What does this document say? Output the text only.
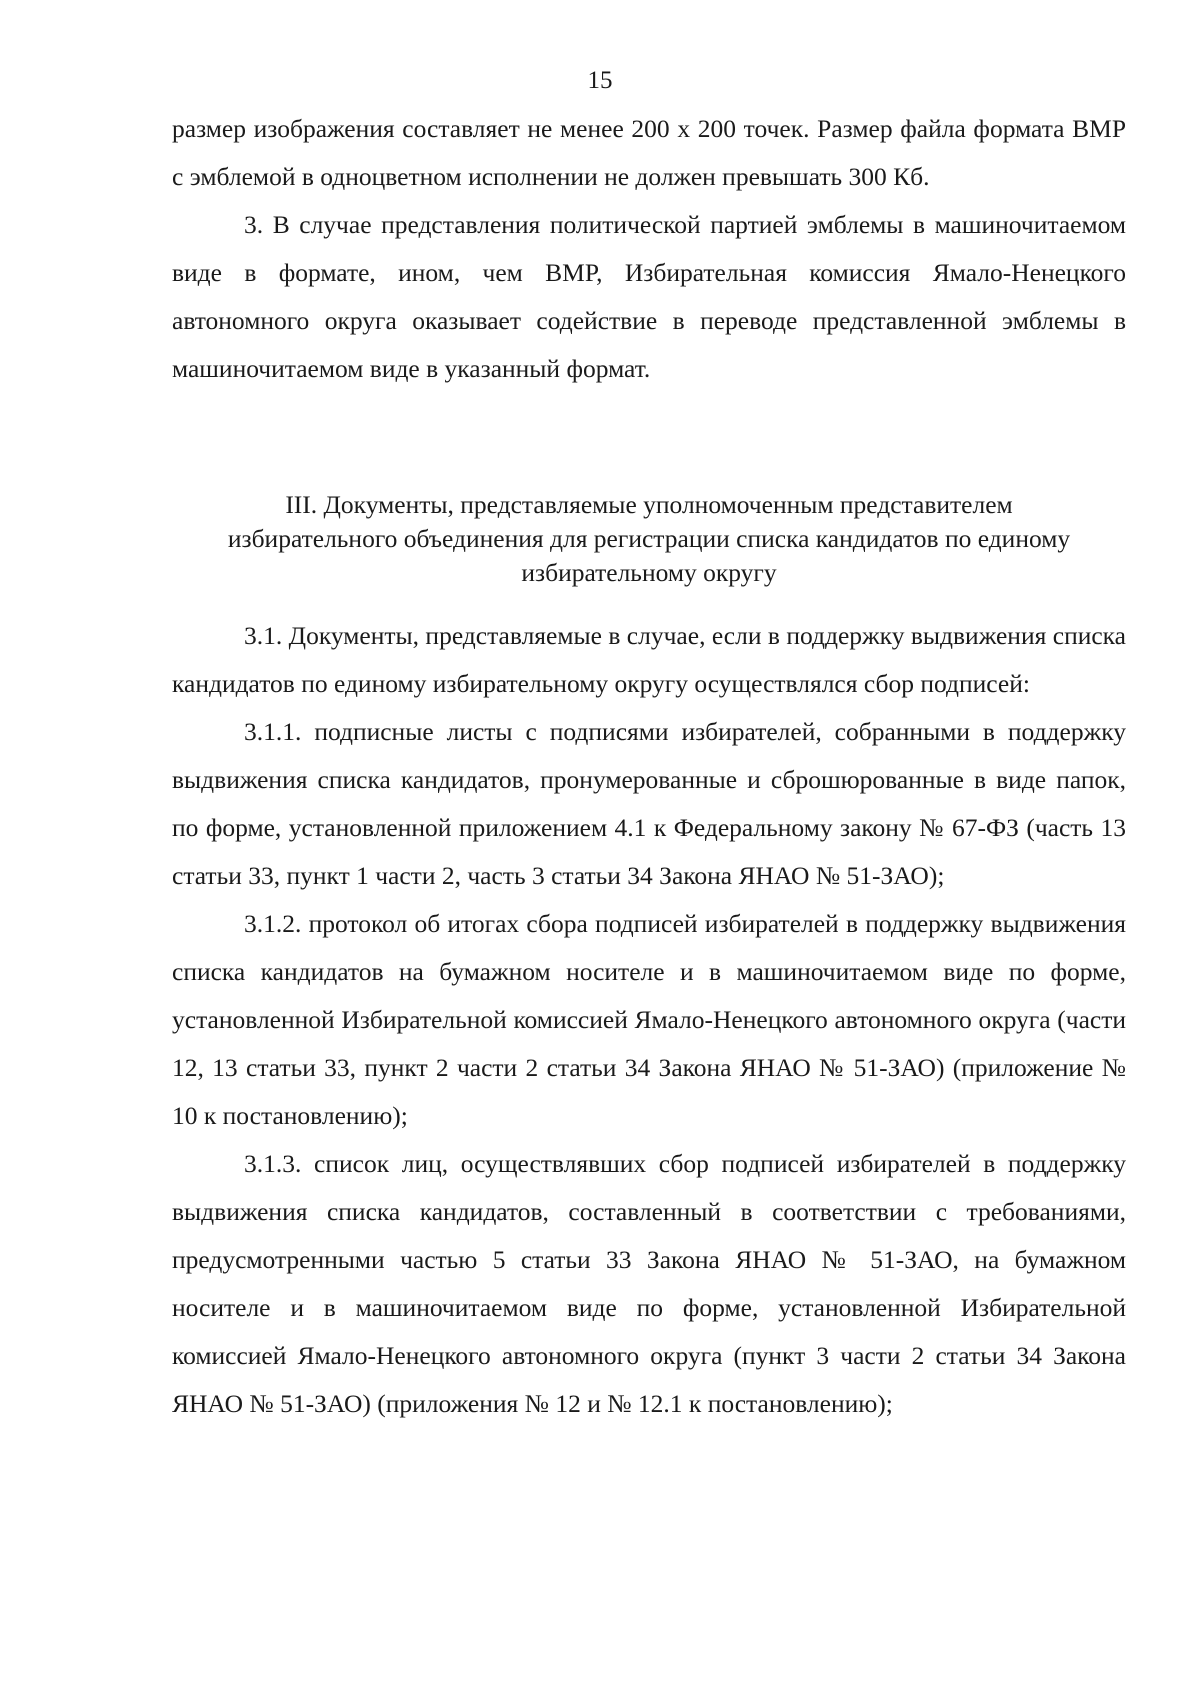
15

размер изображения составляет не менее 200 х 200 точек. Размер файла формата BMP с эмблемой в одноцветном исполнении не должен превышать 300 Кб.

3. В случае представления политической партией эмблемы в машиночитаемом виде в формате, ином, чем BMP, Избирательная комиссия Ямало-Ненецкого автономного округа оказывает содействие в переводе представленной эмблемы в машиночитаемом виде в указанный формат.

III. Документы, представляемые уполномоченным представителем
избирательного объединения для регистрации списка кандидатов по единому
избирательному округу

3.1. Документы, представляемые в случае, если в поддержку выдвижения списка кандидатов по единому избирательному округу осуществлялся сбор подписей:

3.1.1. подписные листы с подписями избирателей, собранными в поддержку выдвижения списка кандидатов, пронумерованные и сброшюрованные в виде папок, по форме, установленной приложением 4.1 к Федеральному закону № 67-ФЗ (часть 13 статьи 33, пункт 1 части 2, часть 3 статьи 34 Закона ЯНАО № 51-ЗАО);

3.1.2. протокол об итогах сбора подписей избирателей в поддержку выдвижения списка кандидатов на бумажном носителе и в машиночитаемом виде по форме, установленной Избирательной комиссией Ямало-Ненецкого автономного округа (части 12, 13 статьи 33, пункт 2 части 2 статьи 34 Закона ЯНАО № 51-ЗАО) (приложение № 10 к постановлению);

3.1.3. список лиц, осуществлявших сбор подписей избирателей в поддержку выдвижения списка кандидатов, составленный в соответствии с требованиями, предусмотренными частью 5 статьи 33 Закона ЯНАО № 51-ЗАО, на бумажном носителе и в машиночитаемом виде по форме, установленной Избирательной комиссией Ямало-Ненецкого автономного округа (пункт 3 части 2 статьи 34 Закона ЯНАО № 51-ЗАО) (приложения № 12 и № 12.1 к постановлению);
